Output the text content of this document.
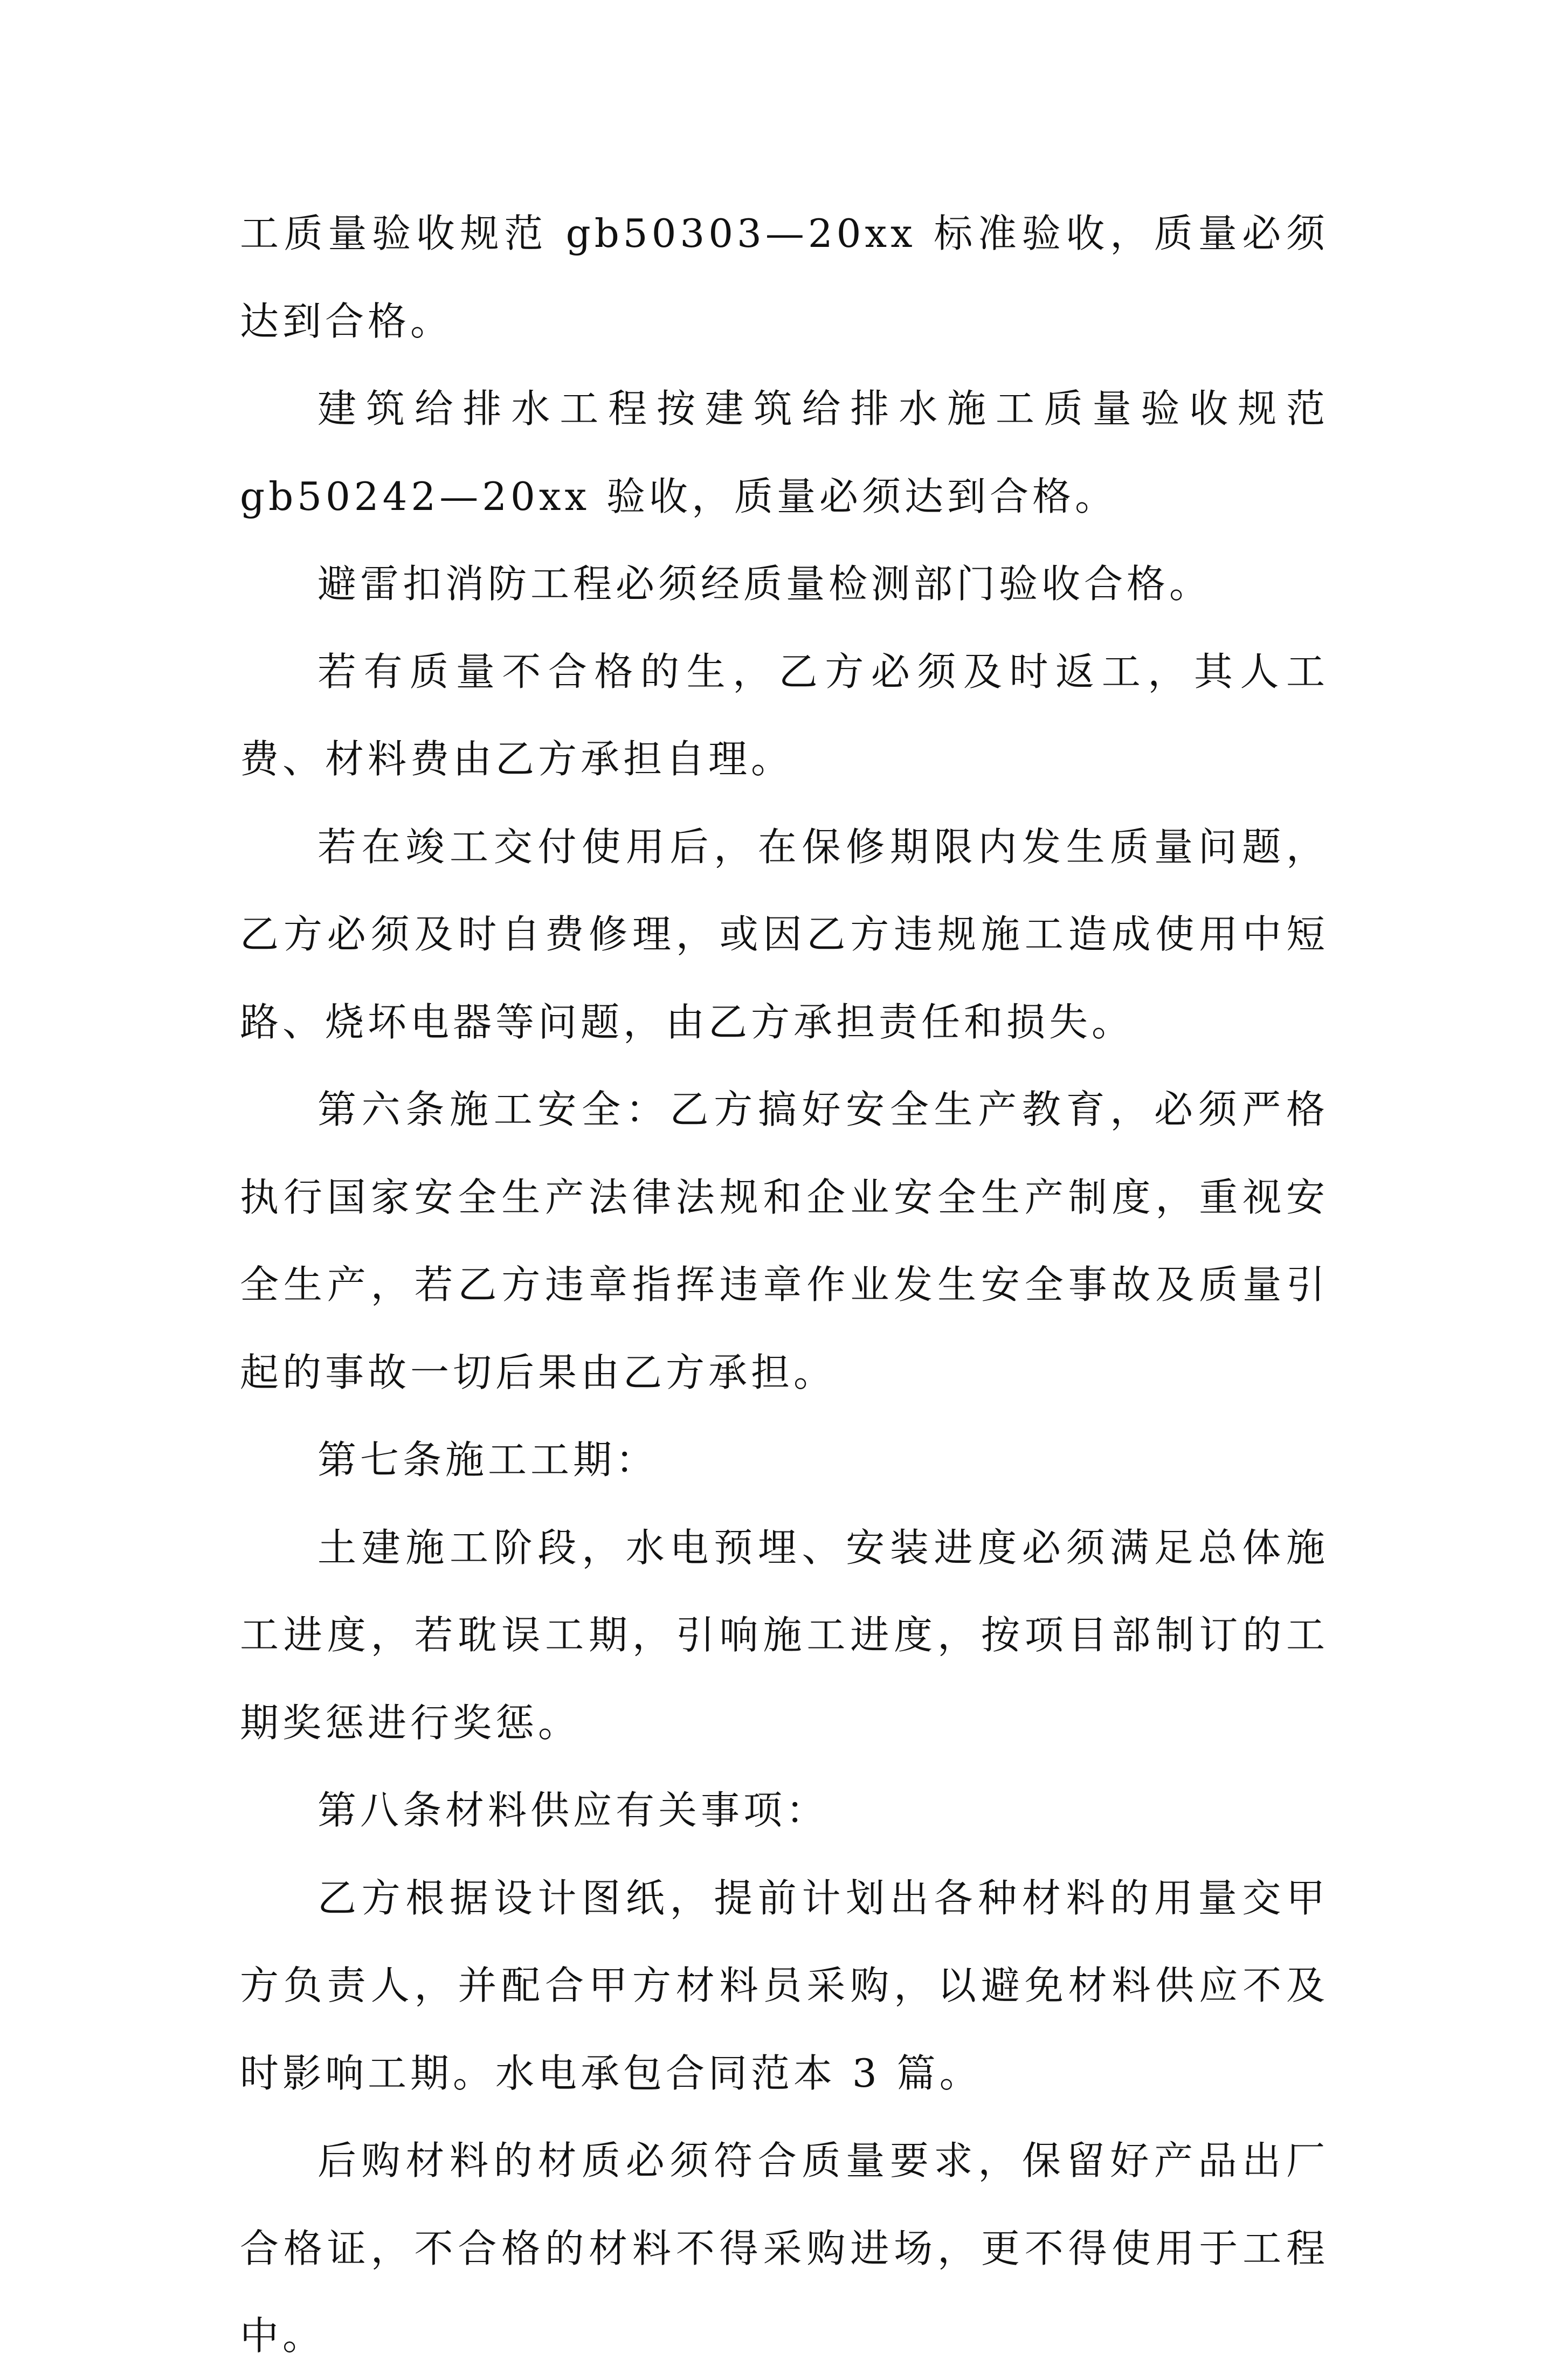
工质量验收规范 gb50303—20xx 标准验收，质量必须达到合格。

建筑给排水工程按建筑给排水施工质量验收规范 gb50242—20xx 验收，质量必须达到合格。

避雷扣消防工程必须经质量检测部门验收合格。

若有质量不合格的生，乙方必须及时返工，其人工费、材料费由乙方承担自理。

若在竣工交付使用后，在保修期限内发生质量问题，乙方必须及时自费修理，或因乙方违规施工造成使用中短路、烧坏电器等问题，由乙方承担责任和损失。

第六条施工安全：乙方搞好安全生产教育，必须严格执行国家安全生产法律法规和企业安全生产制度，重视安全生产，若乙方违章指挥违章作业发生安全事故及质量引起的事故一切后果由乙方承担。

第七条施工工期：

土建施工阶段，水电预埋、安装进度必须满足总体施工进度，若耽误工期，引响施工进度，按项目部制订的工期奖惩进行奖惩。

第八条材料供应有关事项：

乙方根据设计图纸，提前计划出各种材料的用量交甲方负责人，并配合甲方材料员采购，以避免材料供应不及时影响工期。水电承包合同范本 3 篇。

后购材料的材质必须符合质量要求，保留好产品出厂合格证，不合格的材料不得采购进场，更不得使用于工程中。
